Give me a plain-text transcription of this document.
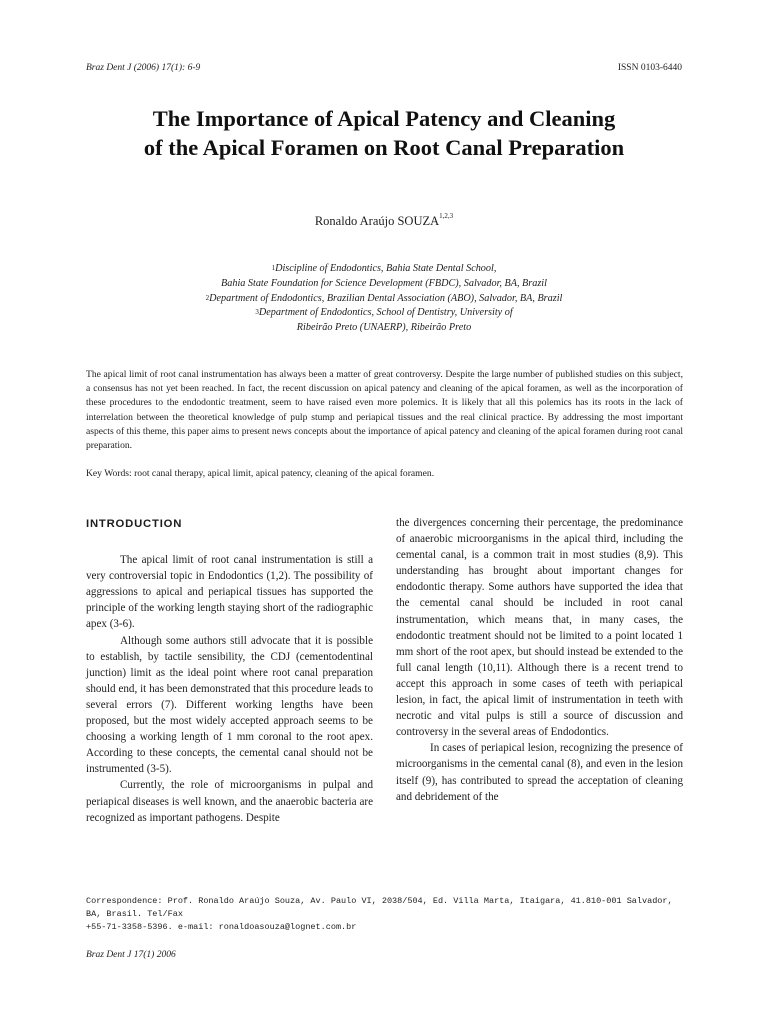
Braz Dent J (2006) 17(1): 6-9	ISSN 0103-6440
The Importance of Apical Patency and Cleaning
of the Apical Foramen on Root Canal Preparation
Ronaldo Araújo SOUZA$^{1,2,3}$
$^1$Discipline of Endodontics, Bahia State Dental School,
Bahia State Foundation for Science Development (FBDC), Salvador, BA, Brazil
$^2$Department of Endodontics, Brazilian Dental Association (ABO), Salvador, BA, Brazil
$^3$Department of Endodontics, School of Dentistry, University of
Ribeirão Preto (UNAERP), Ribeirão Preto

The apical limit of root canal instrumentation has always been a matter of great controversy. Despite the large number of published studies on this subject, a consensus has not yet been reached. In fact, the recent discussion on apical patency and cleaning of the apical foramen, as well as the incorporation of these procedures to the endodontic treatment, seem to have raised even more polemics. It is likely that all this polemics has its roots in the lack of interrelation between the theoretical knowledge of pulp stump and periapical tissues and the real clinical practice. By addressing the most important aspects of this theme, this paper aims to present news concepts about the importance of apical patency and cleaning of the apical foramen during root canal preparation.

Key Words: root canal therapy, apical limit, apical patency, cleaning of the apical foramen.

INTRODUCTION

The apical limit of root canal instrumentation is still a very controversial topic in Endodontics (1,2). The possibility of aggressions to apical and periapical tissues has supported the principle of the working length staying short of the radiographic apex (3-6).

Although some authors still advocate that it is possible to establish, by tactile sensibility, the CDJ (cementodentinal junction) limit as the ideal point where root canal preparation should end, it has been demonstrated that this procedure leads to several errors (7). Different working lengths have been proposed, but the most widely accepted approach seems to be choosing a working length of 1 mm coronal to the root apex. According to these concepts, the cemental canal should not be instrumented (3-5).

Currently, the role of microorganisms in pulpal and periapical diseases is well known, and the anaerobic bacteria are recognized as important pathogens. Despite

the divergences concerning their percentage, the predominance of anaerobic microorganisms in the apical third, including the cemental canal, is a common trait in most studies (8,9). This understanding has brought about important changes for endodontic therapy. Some authors have supported the idea that the cemental canal should be included in root canal instrumentation, which means that, in many cases, the endodontic treatment should not be limited to a point located 1 mm short of the root apex, but should instead be extended to the full canal length (10,11). Although there is a recent trend to accept this approach in some cases of teeth with periapical lesion, in fact, the apical limit of instrumentation in teeth with necrotic and vital pulps is still a source of discussion and controversy in the several areas of Endodontics.

In cases of periapical lesion, recognizing the presence of microorganisms in the cemental canal (8), and even in the lesion itself (9), has contributed to spread the acceptation of cleaning and debridement of the

Correspondence: Prof. Ronaldo Araújo Souza, Av. Paulo VI, 2038/504, Ed. Villa Marta, Itaigara, 41.810-001 Salvador, BA, Brasil. Tel/Fax
+55-71-3358-5396. e-mail: ronaldoasouza@lognet.com.br
Braz Dent J 17(1) 2006
